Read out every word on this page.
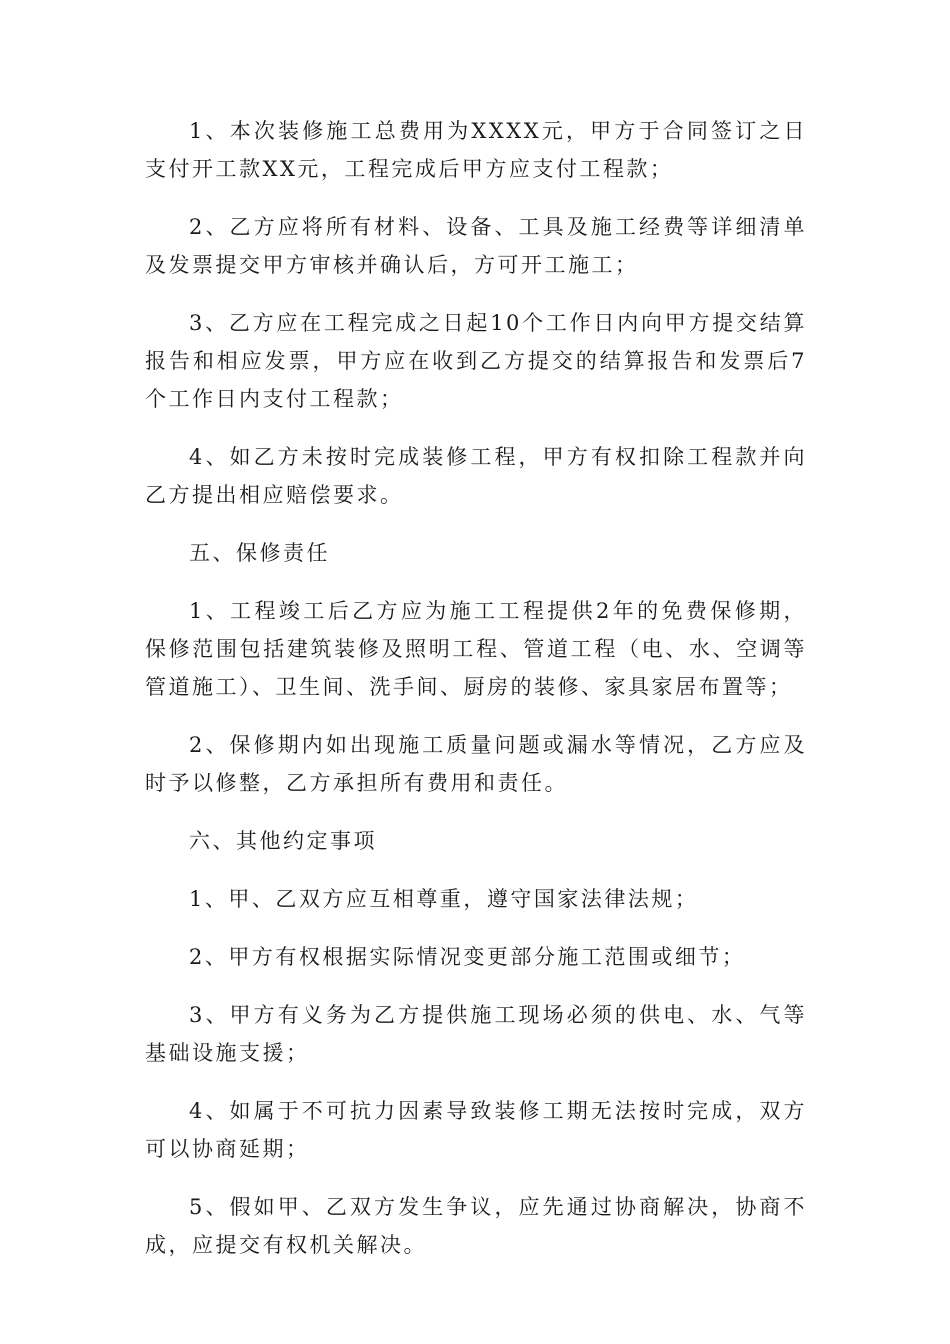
1、本次装修施工总费用为XXXX元，甲方于合同签订之日支付开工款XX元，工程完成后甲方应支付工程款；

2、乙方应将所有材料、设备、工具及施工经费等详细清单及发票提交甲方审核并确认后，方可开工施工；

3、乙方应在工程完成之日起10个工作日内向甲方提交结算报告和相应发票，甲方应在收到乙方提交的结算报告和发票后7个工作日内支付工程款；

4、如乙方未按时完成装修工程，甲方有权扣除工程款并向乙方提出相应赔偿要求。

五、保修责任

1、工程竣工后乙方应为施工工程提供2年的免费保修期，保修范围包括建筑装修及照明工程、管道工程（电、水、空调等管道施工）、卫生间、洗手间、厨房的装修、家具家居布置等；

2、保修期内如出现施工质量问题或漏水等情况，乙方应及时予以修整，乙方承担所有费用和责任。

六、其他约定事项

1、甲、乙双方应互相尊重，遵守国家法律法规；

2、甲方有权根据实际情况变更部分施工范围或细节；

3、甲方有义务为乙方提供施工现场必须的供电、水、气等基础设施支援；

4、如属于不可抗力因素导致装修工期无法按时完成，双方可以协商延期；

5、假如甲、乙双方发生争议，应先通过协商解决，协商不成，应提交有权机关解决。
